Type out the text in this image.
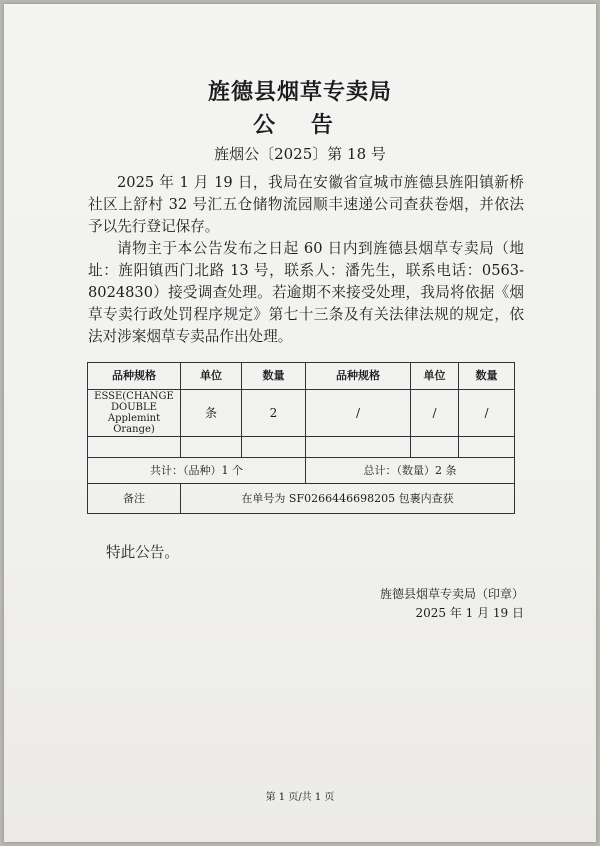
旌德县烟草专卖局
公 告
旌烟公〔2025〕第 18 号
2025 年 1 月 19 日，我局在安徽省宣城市旌德县旌阳镇新桥社区上舒村 32 号汇五仓储物流园顺丰速递公司查获卷烟，并依法予以先行登记保存。
请物主于本公告发布之日起 60 日内到旌德县烟草专卖局（地址：旌阳镇西门北路 13 号，联系人：潘先生，联系电话：0563-8024830）接受调查处理。若逾期不来接受处理，我局将依据《烟草专卖行政处罚程序规定》第七十三条及有关法律法规的规定，依法对涉案烟草专卖品作出处理。
品种规格	单位	数量	品种规格	单位	数量
ESSE(CHANGE DOUBLE Applemint Orange)	条	2	/	/	/

共计：（品种）1 个			总计：（数量）2 条		
备注	在单号为 SF0266446698205 包裹内查获				
特此公告。
旌德县烟草专卖局（印章）
2025 年 1 月 19 日
第 1 页/共 1 页
